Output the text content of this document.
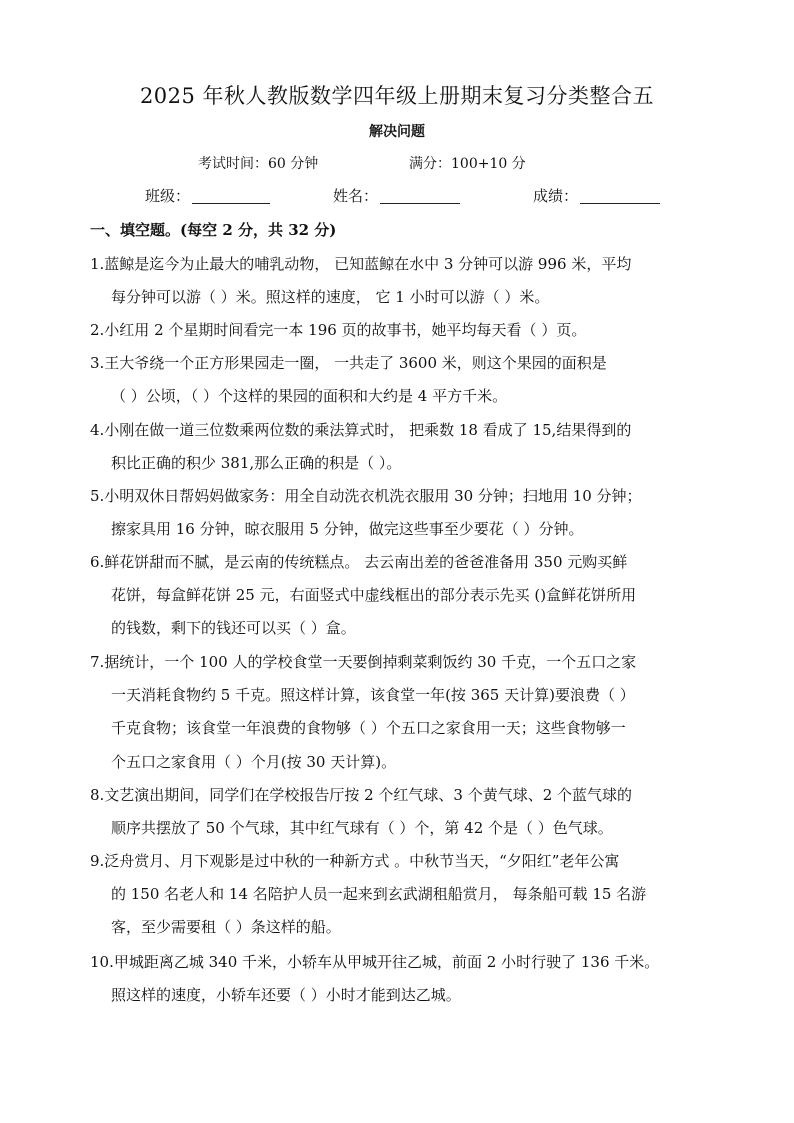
2025 年秋人教版数学四年级上册期末复习分类整合五
解决问题
考试时间：60 分钟	满分：100+10 分
班级：	姓名：	成绩：
一、填空题。(每空 2 分，共 32 分)
1.蓝鲸是迄今为止最大的哺乳动物， 已知蓝鲸在水中 3 分钟可以游 996 米，平均
每分钟可以游（ ）米。照这样的速度， 它 1 小时可以游（ ）米。
2.小红用 2 个星期时间看完一本 196 页的故事书，她平均每天看（ ）页。
3.王大爷绕一个正方形果园走一圈， 一共走了 3600 米，则这个果园的面积是
（ ）公顷，（ ）个这样的果园的面积和大约是 4 平方千米。
4.小刚在做一道三位数乘两位数的乘法算式时， 把乘数 18 看成了 15,结果得到的
积比正确的积少 381,那么正确的积是（ ）。
5.小明双休日帮妈妈做家务：用全自动洗衣机洗衣服用 30 分钟；扫地用 10 分钟；
擦家具用 16 分钟，晾衣服用 5 分钟，做完这些事至少要花（ ）分钟。
6.鲜花饼甜而不腻，是云南的传统糕点。 去云南出差的爸爸准备用 350 元购买鲜
花饼，每盒鲜花饼 25 元，右面竖式中虚线框出的部分表示先买 ()盒鲜花饼所用
的钱数，剩下的钱还可以买（ ）盒。
7.据统计，一个 100 人的学校食堂一天要倒掉剩菜剩饭约 30 千克，一个五口之家
一天消耗食物约 5 千克。照这样计算，该食堂一年(按 365 天计算)要浪费（ ）
千克食物；该食堂一年浪费的食物够（ ）个五口之家食用一天；这些食物够一
个五口之家食用（ ）个月(按 30 天计算)。
8.文艺演出期间，同学们在学校报告厅按 2 个红气球、3 个黄气球、2 个蓝气球的
顺序共摆放了 50 个气球，其中红气球有（ ）个，第 42 个是（ ）色气球。
9.泛舟赏月、月下观影是过中秋的一种新方式 。中秋节当天，“夕阳红”老年公寓
的 150 名老人和 14 名陪护人员一起来到玄武湖租船赏月， 每条船可载 15 名游
客，至少需要租（ ）条这样的船。
10.甲城距离乙城 340 千米，小轿车从甲城开往乙城，前面 2 小时行驶了 136 千米。
照这样的速度，小轿车还要（ ）小时才能到达乙城。
